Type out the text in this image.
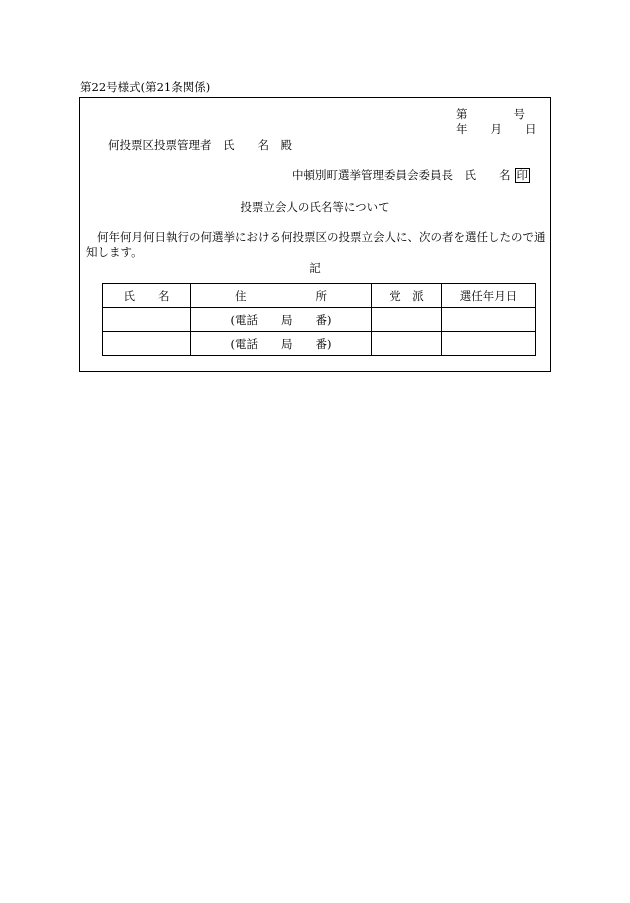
第22号様式(第21条関係)
第　　　　号
年　　月　　日
何投票区投票管理者　氏　　名　殿
中頓別町選挙管理委員会委員長　氏　　名 印
投票立会人の氏名等について
何年何月何日執行の何選挙における何投票区の投票立会人に、次の者を選任したので通知します。
記
氏　　名	住　　　　　　所	党　派	選任年月日
	(電話　　局　　番)		
	(電話　　局　　番)		
